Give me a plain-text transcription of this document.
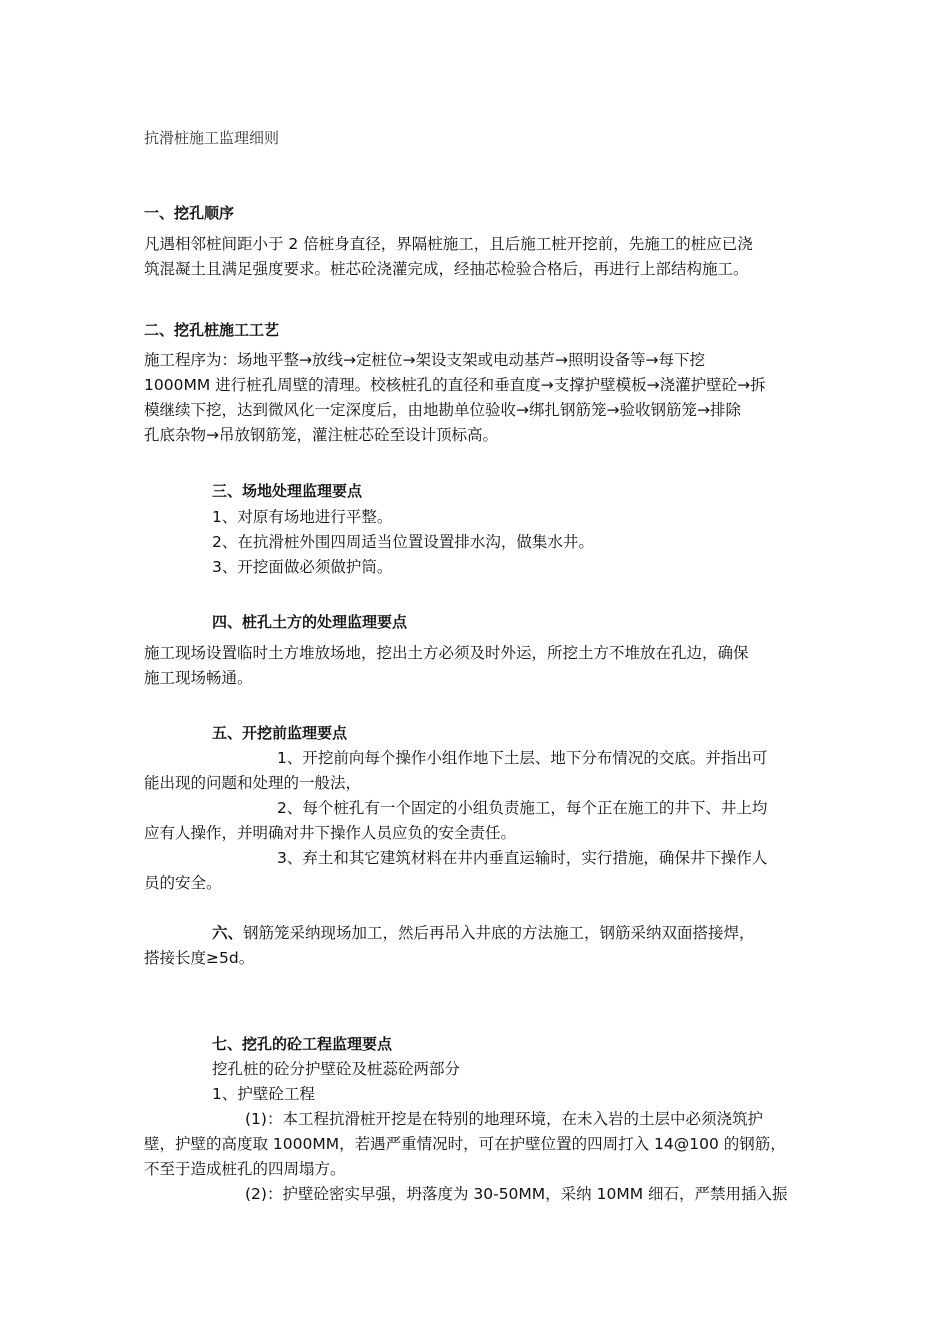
抗滑桩施工监理细则
一、挖孔顺序
凡遇相邻桩间距小于 2 倍桩身直径，界隔桩施工，且后施工桩开挖前，先施工的桩应已浇
筑混凝土且满足强度要求。桩芯砼浇灌完成，经抽芯检验合格后，再进行上部结构施工。
二、挖孔桩施工工艺
施工程序为：场地平整→放线→定桩位→架设支架或电动基芦→照明设备等→每下挖
1000MM 进行桩孔周壁的清理。校核桩孔的直径和垂直度→支撑护壁模板→浇灌护壁砼→拆
模继续下挖，达到微风化一定深度后，由地勘单位验收→绑扎钢筋笼→验收钢筋笼→排除
孔底杂物→吊放钢筋笼，灌注桩芯砼至设计顶标高。
三、场地处理监理要点
1、对原有场地进行平整。
2、在抗滑桩外围四周适当位置设置排水沟，做集水井。
3、开挖面做必须做护筒。
四、桩孔土方的处理监理要点
施工现场设置临时土方堆放场地，挖出土方必须及时外运，所挖土方不堆放在孔边，确保
施工现场畅通。
五、开挖前监理要点
1、开挖前向每个操作小组作地下土层、地下分布情况的交底。并指出可
能出现的问题和处理的一般法，
2、每个桩孔有一个固定的小组负责施工，每个正在施工的井下、井上均
应有人操作，并明确对井下操作人员应负的安全责任。
3、弃土和其它建筑材料在井内垂直运输时，实行措施，确保井下操作人
员的安全。
六、钢筋笼采纳现场加工，然后再吊入井底的方法施工，钢筋采纳双面搭接焊，
搭接长度≥5d。
七、挖孔的砼工程监理要点
挖孔桩的砼分护壁砼及桩蕊砼两部分
1、护壁砼工程
(1)：本工程抗滑桩开挖是在特别的地理环境，在未入岩的土层中必须浇筑护
壁，护壁的高度取 1000MM，若遇严重情况时，可在护壁位置的四周打入 14@100 的钢筋，
不至于造成桩孔的四周塌方。
(2)：护壁砼密实早强，坍落度为 30-50MM，采纳 10MM 细石，严禁用插入振
